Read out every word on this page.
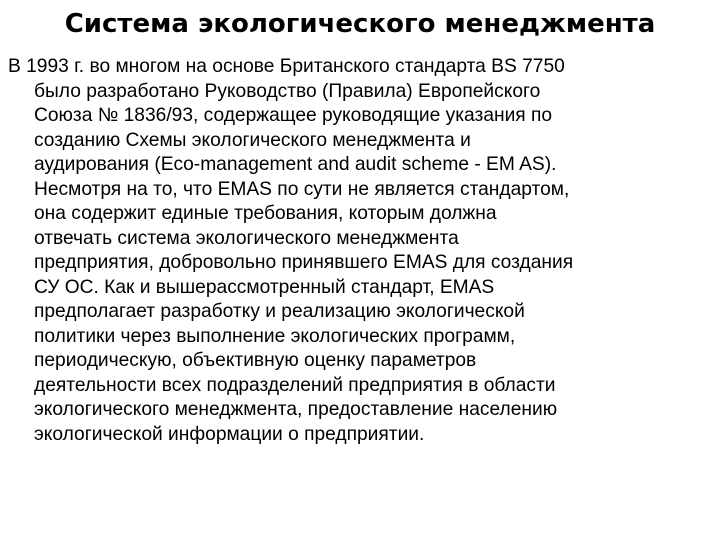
Система экологического менеджмента
В 1993 г. во многом на основе Британского стандарта BS 7750
было разработано Руководство (Правила) Европейского
Союза № 1836/93, содержащее руководящие указания по
созданию Схемы экологического менеджмента и
аудирования (Eco-management and audit scheme - EM AS).
Несмотря на то, что EMAS по сути не является стандартом,
она содержит единые требования, которым должна
отвечать система экологического менеджмента
предприятия, добровольно принявшего EMAS для создания
СУ ОС. Как и вышерассмотренный стандарт, EMAS
предполагает разработку и реализацию экологической
политики через выполнение экологических программ,
периодическую, объективную оценку параметров
деятельности всех подразделений предприятия в области
экологического менеджмента, предоставление населению
экологической информации о предприятии.
